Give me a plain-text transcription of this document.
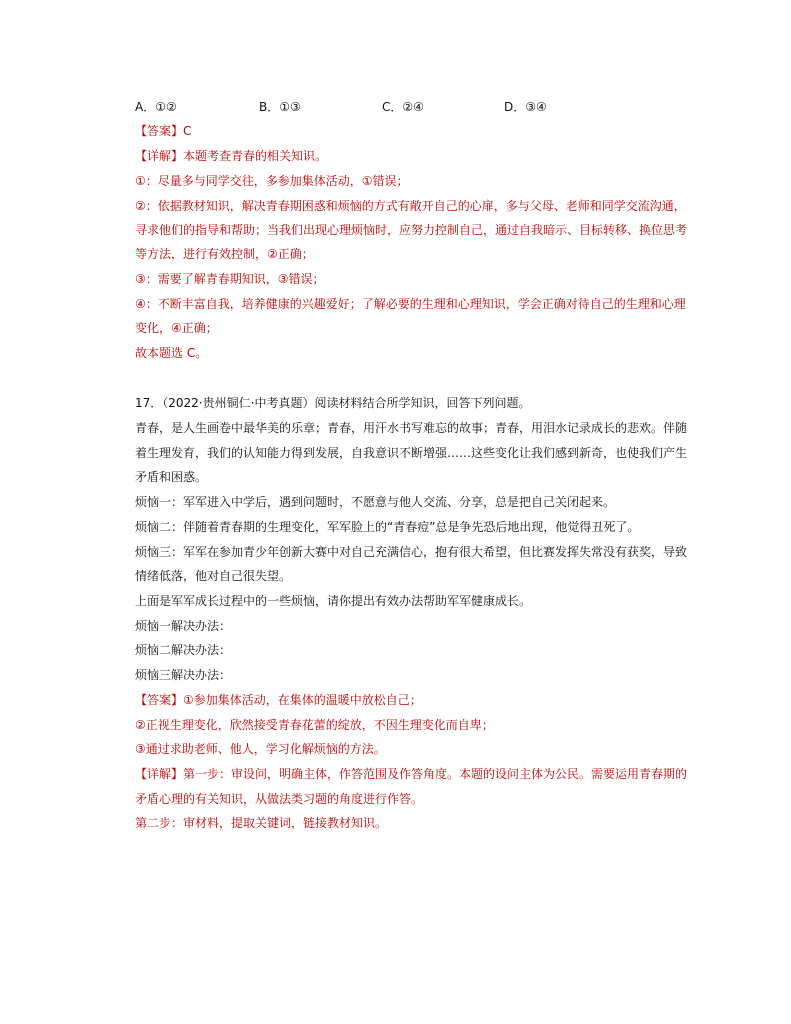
A．①②	B．①③	C．②④	D．③④
【答案】C
【详解】本题考查青春的相关知识。
①：尽量多与同学交往，多参加集体活动，①错误；
②：依据教材知识，解决青春期困惑和烦恼的方式有敞开自己的心扉，多与父母、老师和同学交流沟通，
寻求他们的指导和帮助；当我们出现心理烦恼时，应努力控制自己，通过自我暗示、目标转移、换位思考
等方法，进行有效控制，②正确；
③：需要了解青春期知识，③错误；
④：不断丰富自我，培养健康的兴趣爱好；了解必要的生理和心理知识，学会正确对待自己的生理和心理
变化，④正确；
故本题选 C。
17．（2022·贵州铜仁·中考真题）阅读材料结合所学知识，回答下列问题。
青春，是人生画卷中最华美的乐章；青春，用汗水书写难忘的故事；青春，用泪水记录成长的悲欢。伴随
着生理发育，我们的认知能力得到发展，自我意识不断增强……这些变化让我们感到新奇，也使我们产生
矛盾和困惑。
烦恼一：军军进入中学后，遇到问题时，不愿意与他人交流、分享，总是把自己关闭起来。
烦恼二：伴随着青春期的生理变化，军军脸上的“青春痘”总是争先恐后地出现，他觉得丑死了。
烦恼三：军军在参加青少年创新大赛中对自己充满信心，抱有很大希望，但比赛发挥失常没有获奖，导致
情绪低落，他对自己很失望。
上面是军军成长过程中的一些烦恼，请你提出有效办法帮助军军健康成长。
烦恼一解决办法：
烦恼二解决办法：
烦恼三解决办法：
【答案】①参加集体活动，在集体的温暖中放松自己；
②正视生理变化，欣然接受青春花蕾的绽放，不因生理变化而自卑；
③通过求助老师、他人，学习化解烦恼的方法。
【详解】第一步：审设问，明确主体，作答范围及作答角度。本题的设问主体为公民。需要运用青春期的
矛盾心理的有关知识，从做法类习题的角度进行作答。
第二步：审材料，提取关键词，链接教材知识。
